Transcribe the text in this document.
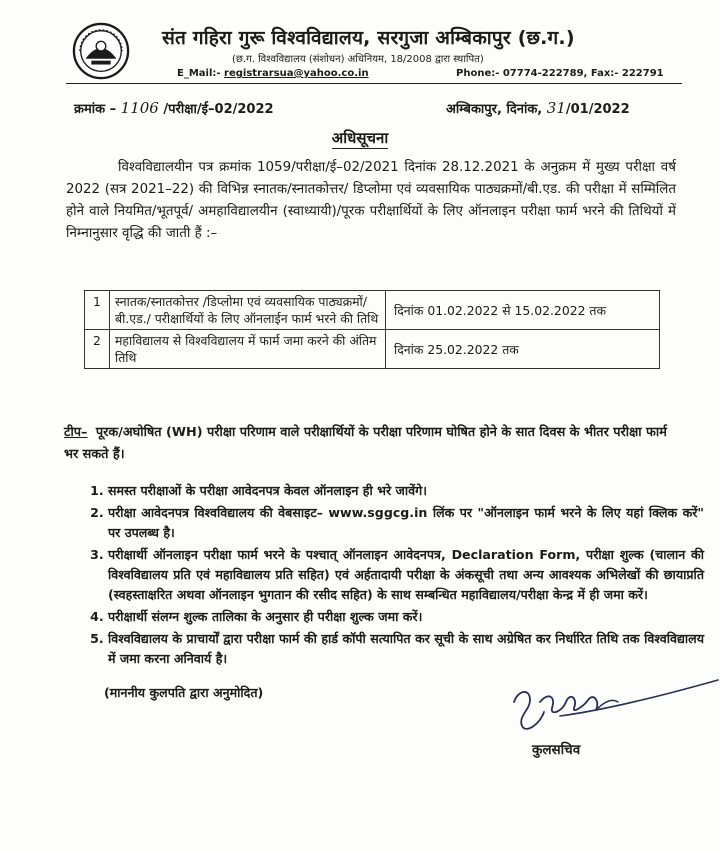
संत गहिरा गुरू विश्वविद्यालय, सरगुजा अम्बिकापुर (छ.ग.)
(छ.ग. विश्वविद्यालय (संशोधन) अधिनियम, 18/2008 द्वारा स्थापित)
E_Mail:- registrarsua@yahoo.co.in	Phone:- 07774-222789, Fax:- 222791
क्रमांक – 1106 /परीक्षा/ई–02/2022	अम्बिकापुर, दिनांक, 31/01/2022
अधिसूचना

विश्वविद्यालयीन पत्र क्रमांक 1059/परीक्षा/ई–02/2021 दिनांक 28.12.2021 के अनुक्रम में मुख्य परीक्षा वर्ष 2022 (सत्र 2021–22) की विभिन्न स्नातक/स्नातकोत्तर/ डिप्लोमा एवं व्यवसायिक पाठ्यक्रमों/बी.एड. की परीक्षा में सम्मिलित होने वाले नियमित/भूतपूर्व/ अमहाविद्यालयीन (स्वाध्यायी)/पूरक परीक्षार्थियों के लिए ऑनलाइन परीक्षा फार्म भरने की तिथियों में निम्नानुसार वृद्धि की जाती हैं :–

1	स्नातक/स्नातकोत्तर /डिप्लोमा एवं व्यवसायिक पाठ्यक्रमों/बी.एड./ परीक्षार्थियों के लिए ऑनलाईन फार्म भरने की तिथि	दिनांक 01.02.2022 से 15.02.2022 तक
2	महाविद्यालय से विश्वविद्यालय में फार्म जमा करने की अंतिम तिथि	दिनांक 25.02.2022 तक
टीप– पूरक/अघोषित (WH) परीक्षा परिणाम वाले परीक्षार्थियों के परीक्षा परिणाम घोषित होने के सात दिवस के भीतर परीक्षा फार्म भर सकते हैं।
1. समस्त परीक्षाओं के परीक्षा आवेदनपत्र केवल ऑनलाइन ही भरे जावेंगे।
2. परीक्षा आवेदनपत्र विश्वविद्यालय की वेबसाइट– www.sggcg.in लिंक पर "ऑनलाइन फार्म भरने के लिए यहां क्लिक करें" पर उपलब्ध है।
3. परीक्षार्थी ऑनलाइन परीक्षा फार्म भरने के पश्चात् ऑनलाइन आवेदनपत्र, Declaration Form, परीक्षा शुल्क (चालान की विश्वविद्यालय प्रति एवं महाविद्यालय प्रति सहित) एवं अर्हतादायी परीक्षा के अंकसूची तथा अन्य आवश्यक अभिलेखों की छायाप्रति (स्वहस्ताक्षरित अथवा ऑनलाइन भुगतान की रसीद सहित) के साथ सम्बन्धित महाविद्यालय/परीक्षा केन्द्र में ही जमा करें।
4. परीक्षार्थी संलग्न शुल्क तालिका के अनुसार ही परीक्षा शुल्क जमा करें।
5. विश्वविद्यालय के प्राचार्यों द्वारा परीक्षा फार्म की हार्ड कॉपी सत्यापित कर सूची के साथ अग्रेषित कर निर्धारित तिथि तक विश्वविद्यालय में जमा करना अनिवार्य है।
(माननीय कुलपति द्वारा अनुमोदित)
कुलसचिव
